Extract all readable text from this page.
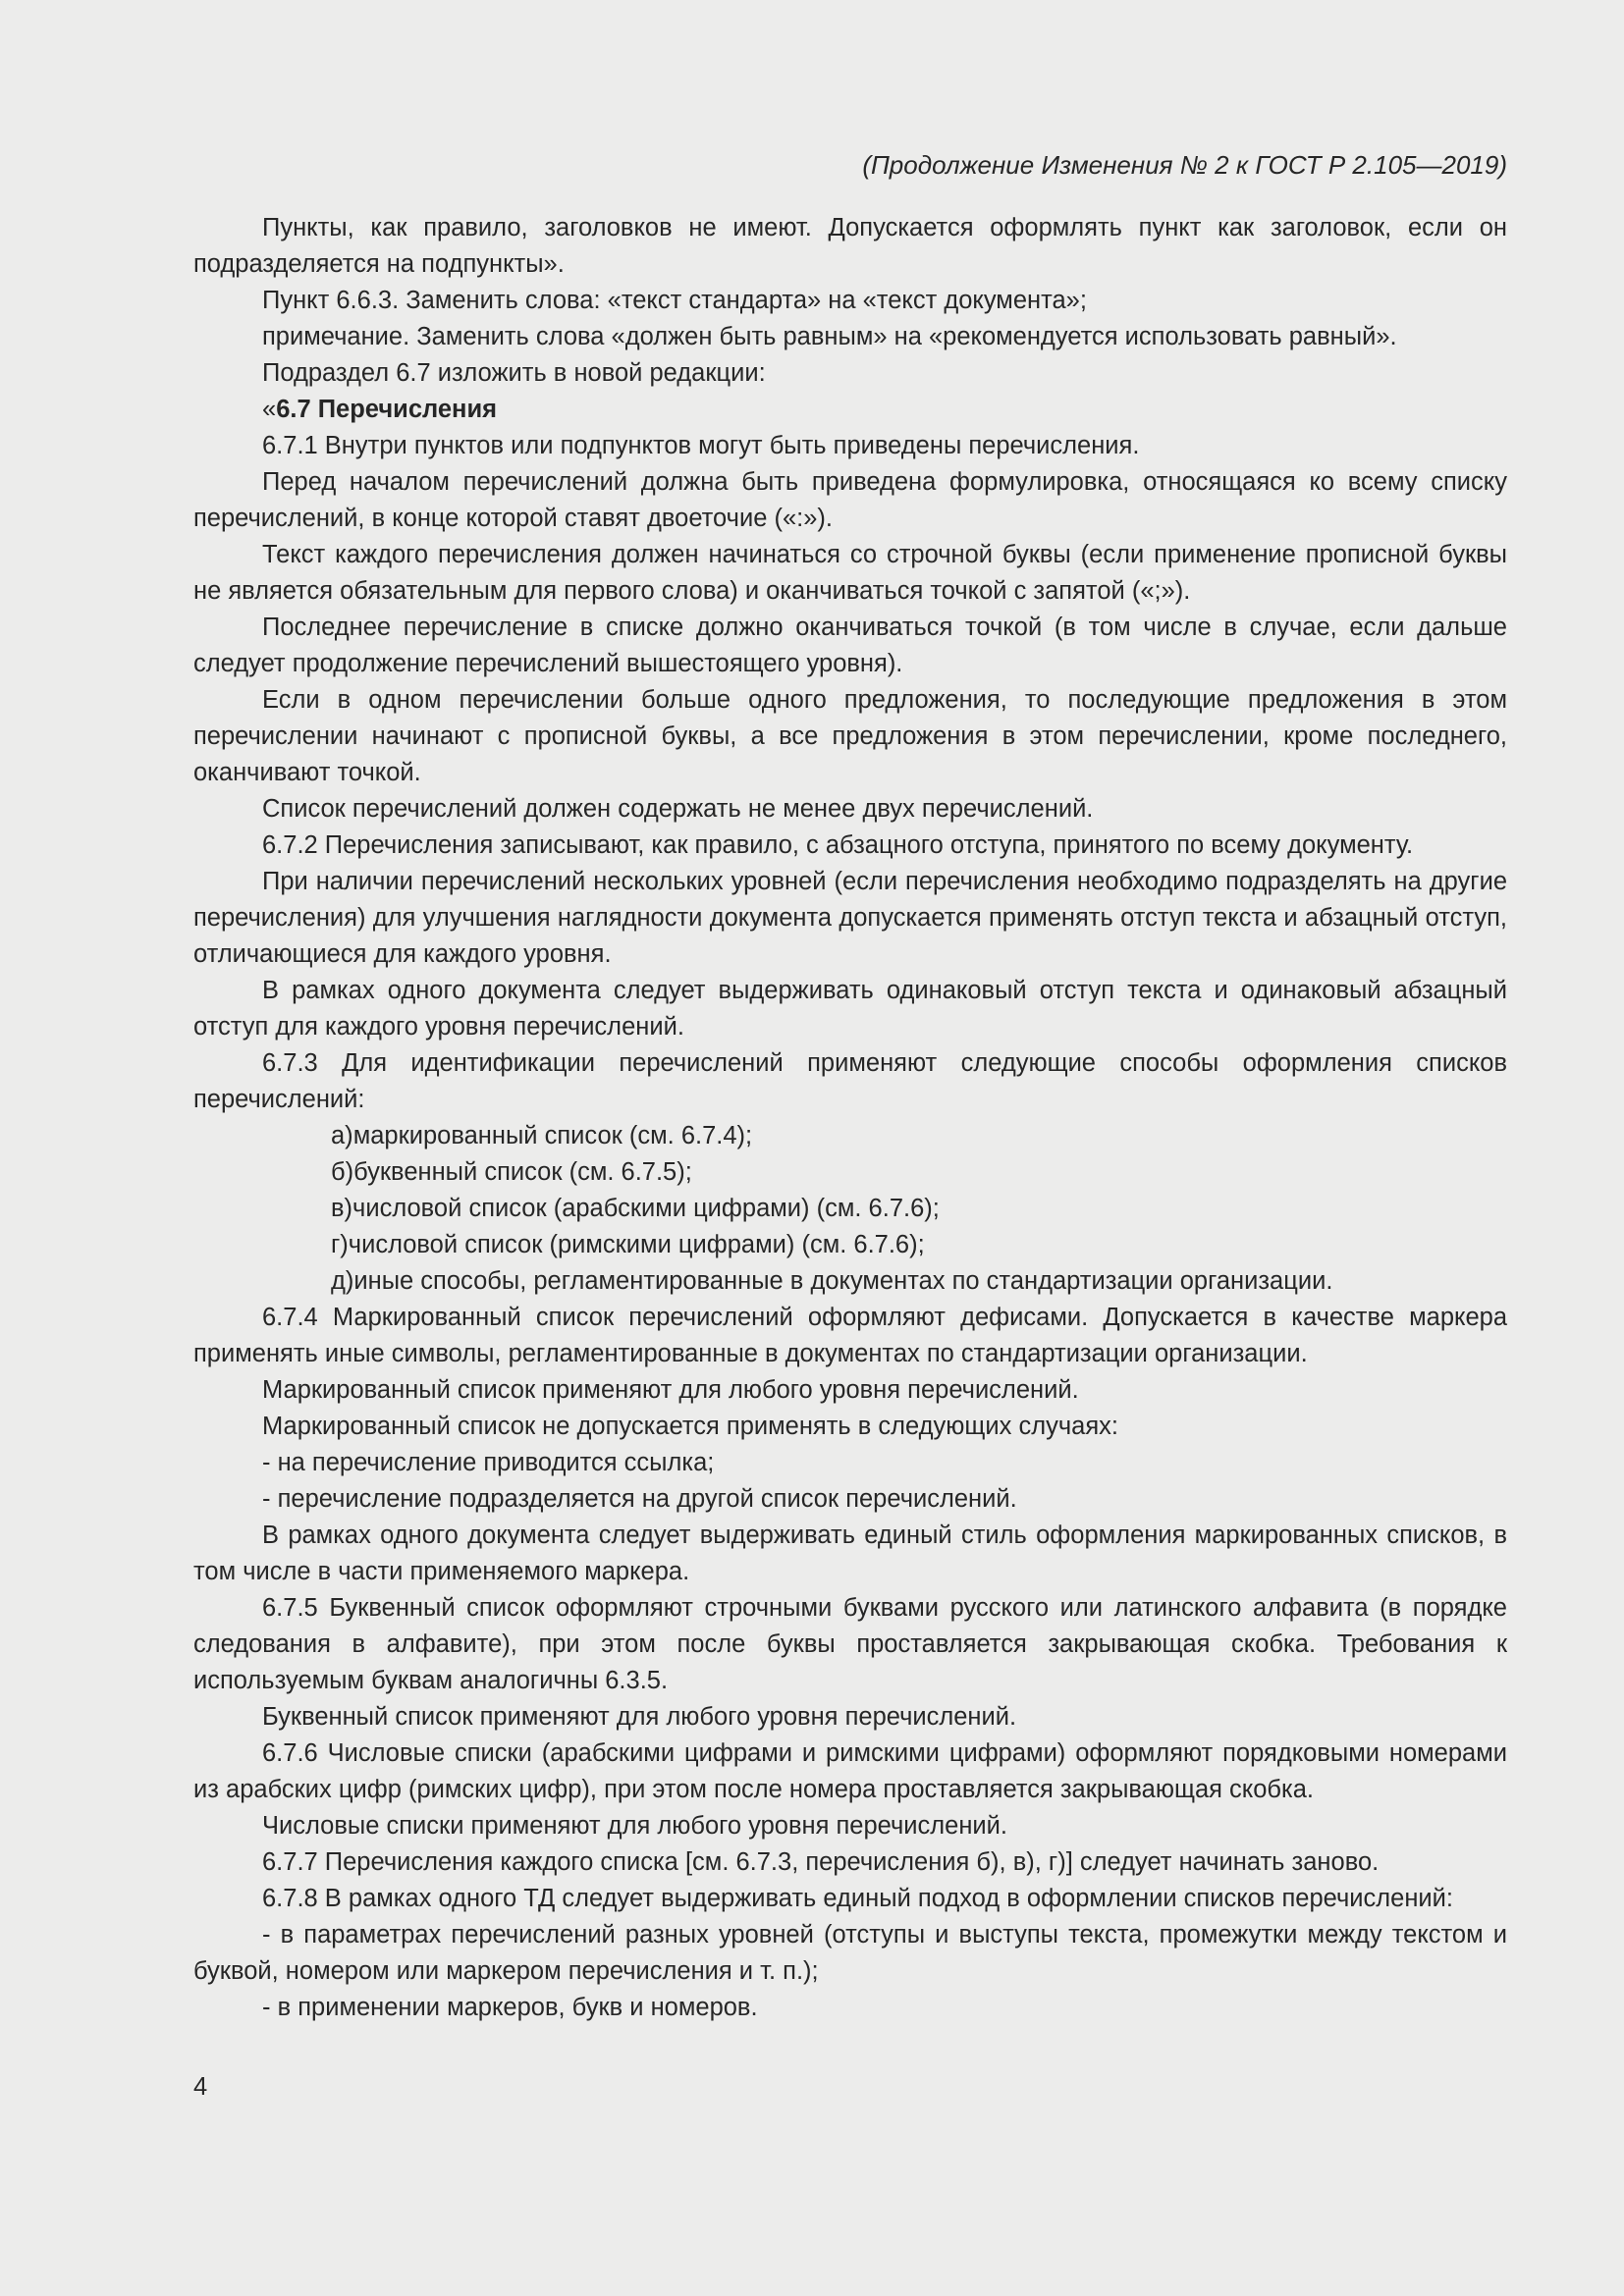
(Продолжение Изменения № 2 к ГОСТ Р 2.105—2019)

Пункты, как правило, заголовков не имеют. Допускается оформлять пункт как заголовок, если он подразделяется на подпункты».

Пункт 6.6.3. Заменить слова: «текст стандарта» на «текст документа»;

примечание. Заменить слова «должен быть равным» на «рекомендуется использовать равный».

Подраздел 6.7 изложить в новой редакции:

«6.7 Перечисления

6.7.1 Внутри пунктов или подпунктов могут быть приведены перечисления.

Перед началом перечислений должна быть приведена формулировка, относящаяся ко всему списку перечислений, в конце которой ставят двоеточие («:»).

Текст каждого перечисления должен начинаться со строчной буквы (если применение прописной буквы не является обязательным для первого слова) и оканчиваться точкой с запятой («;»).

Последнее перечисление в списке должно оканчиваться точкой (в том числе в случае, если дальше следует продолжение перечислений вышестоящего уровня).

Если в одном перечислении больше одного предложения, то последующие предложения в этом перечислении начинают с прописной буквы, а все предложения в этом перечислении, кроме последнего, оканчивают точкой.

Список перечислений должен содержать не менее двух перечислений.

6.7.2 Перечисления записывают, как правило, с абзацного отступа, принятого по всему документу.

При наличии перечислений нескольких уровней (если перечисления необходимо подразделять на другие перечисления) для улучшения наглядности документа допускается применять отступ текста и абзацный отступ, отличающиеся для каждого уровня.

В рамках одного документа следует выдерживать одинаковый отступ текста и одинаковый абзацный отступ для каждого уровня перечислений.

6.7.3 Для идентификации перечислений применяют следующие способы оформления списков перечислений:

а)маркированный список (см. 6.7.4);

б)буквенный список (см. 6.7.5);

в)числовой список (арабскими цифрами) (см. 6.7.6);

г)числовой список (римскими цифрами) (см. 6.7.6);

д)иные способы, регламентированные в документах по стандартизации организации.

6.7.4 Маркированный список перечислений оформляют дефисами. Допускается в качестве маркера применять иные символы, регламентированные в документах по стандартизации организации.

Маркированный список применяют для любого уровня перечислений.

Маркированный список не допускается применять в следующих случаях:

- на перечисление приводится ссылка;

- перечисление подразделяется на другой список перечислений.

В рамках одного документа следует выдерживать единый стиль оформления маркированных списков, в том числе в части применяемого маркера.

6.7.5 Буквенный список оформляют строчными буквами русского или латинского алфавита (в порядке следования в алфавите), при этом после буквы проставляется закрывающая скобка. Требования к используемым буквам аналогичны 6.3.5.

Буквенный список применяют для любого уровня перечислений.

6.7.6 Числовые списки (арабскими цифрами и римскими цифрами) оформляют порядковыми номерами из арабских цифр (римских цифр), при этом после номера проставляется закрывающая скобка.

Числовые списки применяют для любого уровня перечислений.

6.7.7 Перечисления каждого списка [см. 6.7.3, перечисления б), в), г)] следует начинать заново.

6.7.8 В рамках одного ТД следует выдерживать единый подход в оформлении списков перечислений:

- в параметрах перечислений разных уровней (отступы и выступы текста, промежутки между текстом и буквой, номером или маркером перечисления и т. п.);

- в применении маркеров, букв и номеров.

4
